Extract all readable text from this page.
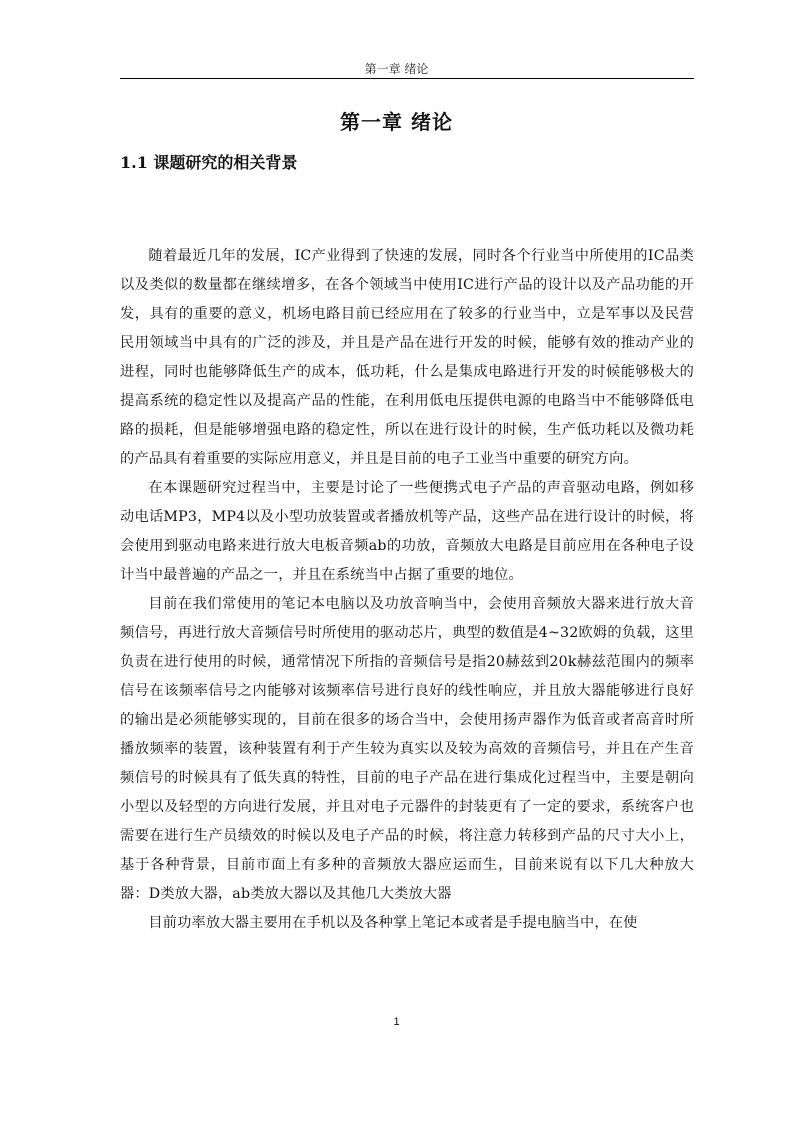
第一章 绪论
第一章 绪论
1.1 课题研究的相关背景

随着最近几年的发展，IC产业得到了快速的发展，同时各个行业当中所使用的IC品类以及类似的数量都在继续增多，在各个领域当中使用IC进行产品的设计以及产品功能的开发，具有的重要的意义，机场电路目前已经应用在了较多的行业当中，立是军事以及民营民用领域当中具有的广泛的涉及，并且是产品在进行开发的时候，能够有效的推动产业的进程，同时也能够降低生产的成本，低功耗，什么是集成电路进行开发的时候能够极大的提高系统的稳定性以及提高产品的性能，在利用低电压提供电源的电路当中不能够降低电路的损耗，但是能够增强电路的稳定性，所以在进行设计的时候，生产低功耗以及微功耗的产品具有着重要的实际应用意义，并且是目前的电子工业当中重要的研究方向。

在本课题研究过程当中，主要是讨论了一些便携式电子产品的声音驱动电路，例如移动电话MP3，MP4以及小型功放装置或者播放机等产品，这些产品在进行设计的时候，将会使用到驱动电路来进行放大电板音频ab的功放，音频放大电路是目前应用在各种电子设计当中最普遍的产品之一，并且在系统当中占据了重要的地位。

目前在我们常使用的笔记本电脑以及功放音响当中，会使用音频放大器来进行放大音频信号，再进行放大音频信号时所使用的驱动芯片，典型的数值是4~32欧姆的负载，这里负责在进行使用的时候，通常情况下所指的音频信号是指20赫兹到20k赫兹范围内的频率信号在该频率信号之内能够对该频率信号进行良好的线性响应，并且放大器能够进行良好的输出是必须能够实现的，目前在很多的场合当中，会使用扬声器作为低音或者高音时所播放频率的装置，该种装置有利于产生较为真实以及较为高效的音频信号，并且在产生音频信号的时候具有了低失真的特性，目前的电子产品在进行集成化过程当中，主要是朝向小型以及轻型的方向进行发展，并且对电子元器件的封装更有了一定的要求，系统客户也需要在进行生产员绩效的时候以及电子产品的时候，将注意力转移到产品的尺寸大小上，基于各种背景，目前市面上有多种的音频放大器应运而生，目前来说有以下几大种放大器：D类放大器，ab类放大器以及其他几大类放大器

目前功率放大器主要用在手机以及各种掌上笔记本或者是手提电脑当中，在使

1
